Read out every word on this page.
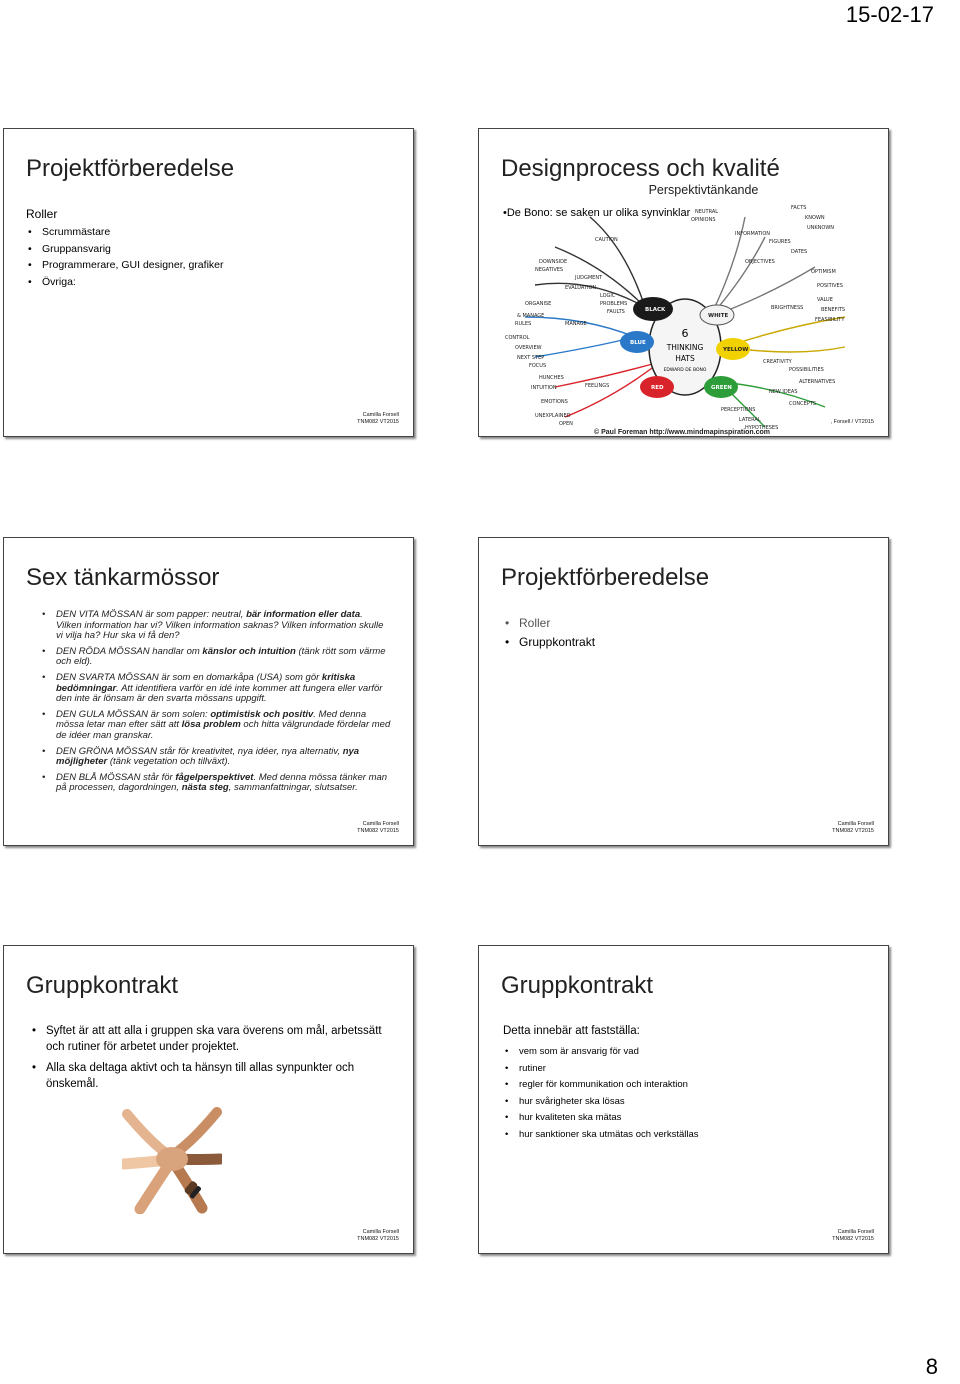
15-02-17
Projektförberedelse
Roller
• Scrummästare
• Gruppansvarig
• Programmerare, GUI designer, grafiker
• Övriga:
Camilla Forsell
TNM082 VT2015
6
THINKING
HATS
EDWARD DE BONO
DOWNSIDE
NEGATIVES
CAUTION
JUDGMENT
EVALUATION
LOGIC
PROBLEMS
FAULTS
ORGANISE
& MANAGE
RULES	MANAGE
CONTROL
OVERVIEW
NEXT STEP
FOCUS
HUNCHES
INTUITION	FEELINGS
EMOTIONS
UNEXPLAINED
OPEN
NEUTRAL
OPINIONS
FACTS
KNOWN
UNKNOWN
INFORMATION
FIGURES
DATES
OBJECTIVES
OPTIMISM
POSITIVES
VALUE
BENEFITS
BRIGHTNESS
FEASIBILITY
CREATIVITY
POSSIBILITIES
ALTERNATIVES
NEW IDEAS
CONCEPTS
PERCEPTIONS
LATERAL
HYPOTHESES
BLACK
WHITE
BLUE
YELLOW
RED	GREEN
Designprocess och kvalité
Perspektivtänkande
•De Bono: se saken ur olika synvinklar
© Paul Foreman http://www.mindmapinspiration.com
, Forsell / VT2015
Sex tänkarmössor
• DEN VITA MÖSSAN är som papper: neutral, bär information eller data. Vilken information har vi? Vilken information saknas? Vilken information skulle vi vilja ha? Hur ska vi få den?
• DEN RÖDA MÖSSAN handlar om känslor och intuition (tänk rött som värme och eld).
• DEN SVARTA MÖSSAN är som en domarkåpa (USA) som gör kritiska bedömningar. Att identifiera varför en idé inte kommer att fungera eller varför den inte är lönsam är den svarta mössans uppgift.
• DEN GULA MÖSSAN är som solen: optimistisk och positiv. Med denna mössa letar man efter sätt att lösa problem och hitta välgrundade fördelar med de idéer man granskar.
• DEN GRÖNA MÖSSAN står för kreativitet, nya idéer, nya alternativ, nya möjligheter (tänk vegetation och tillväxt).
• DEN BLÅ MÖSSAN står för fågelperspektivet. Med denna mössa tänker man på processen, dagordningen, nästa steg, sammanfattningar, slutsatser.
Camilla Forsell
TNM082 VT2015
Projektförberedelse
• Roller
• Gruppkontrakt
Camilla Forsell
TNM082 VT2015
Gruppkontrakt
• Syftet är att att alla i gruppen ska vara överens om mål, arbetssätt och rutiner för arbetet under projektet.
• Alla ska deltaga aktivt och ta hänsyn till allas synpunkter och önskemål.
Camilla Forsell
TNM082 VT2015
Gruppkontrakt
Detta innebär att fastställa:
• vem som är ansvarig för vad
• rutiner
• regler för kommunikation och interaktion
• hur svårigheter ska lösas
• hur kvaliteten ska mätas
• hur sanktioner ska utmätas och verkställas
Camilla Forsell
TNM082 VT2015
8
